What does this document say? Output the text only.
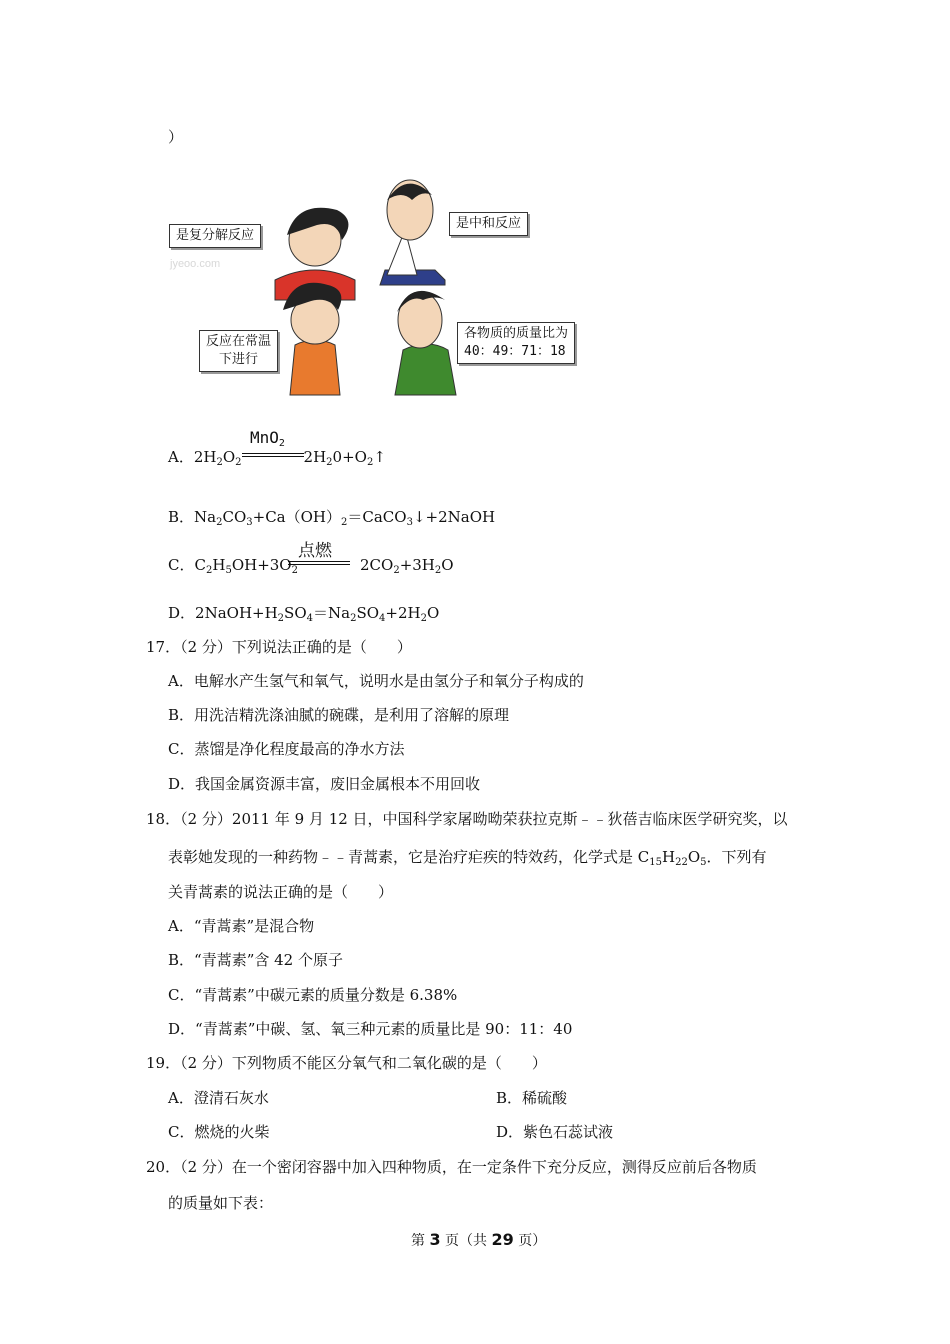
）
jyeoo.com
是复分解反应
是中和反应
反应在常温
下进行
各物质的质量比为
40：49：71：18
A．$2H_2O_2$	$2H_20+O_2↑$
MnO$_2$
B．$Na_2CO_3+Ca(OH)_2=CaCO_3↓+2NaOH$
C．$C_2H_5OH+3O_2$	$2CO_2+3H_2O$
点燃
D．$2NaOH+H_2SO_4=Na_2SO_4+2H_2O$
17．（2 分）下列说法正确的是（　　）
A．电解水产生氢气和氧气，说明水是由氢分子和氧分子构成的
B．用洗洁精洗涤油腻的碗碟，是利用了溶解的原理
C．蒸馏是净化程度最高的净水方法
D．我国金属资源丰富，废旧金属根本不用回收
18．（2 分）2011 年 9 月 12 日，中国科学家屠呦呦荣获拉克斯﹣﹣狄蓓吉临床医学研究奖，以
表彰她发现的一种药物﹣﹣青蒿素，它是治疗疟疾的特效药，化学式是 $C_{15}H_{22}O_5$．下列有
关青蒿素的说法正确的是（　　）
A．“青蒿素”是混合物
B．“青蒿素”含 42 个原子
C．“青蒿素”中碳元素的质量分数是 6.38%
D．“青蒿素”中碳、氢、氧三种元素的质量比是 90：11：40
19．（2 分）下列物质不能区分氧气和二氧化碳的是（　　）
A．澄清石灰水	B．稀硫酸
C．燃烧的火柴	D．紫色石蕊试液
20．（2 分）在一个密闭容器中加入四种物质，在一定条件下充分反应，测得反应前后各物质
的质量如下表：
第 3 页（共 29 页）
